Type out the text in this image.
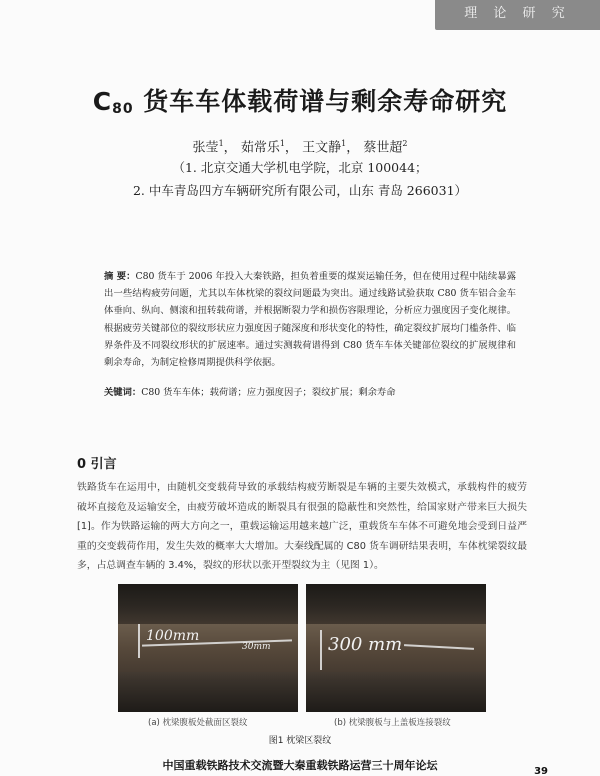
理 论 研 究
$C_{80}$ 货车车体载荷谱与剩余寿命研究
张莹$^1$， 茹常乐$^1$， 王文静$^1$， 蔡世超$^2$
（1. 北京交通大学机电学院，北京 100044；
2. 中车青岛四方车辆研究所有限公司，山东 青岛 266031）
摘 要：C80 货车于 2006 年投入大秦铁路，担负着重要的煤炭运输任务，但在使用过程中陆续暴露出一些结构疲劳问题，尤其以车体枕梁的裂纹问题最为突出。通过线路试验获取 C80 货车铝合金车体垂向、纵向、侧滚和扭转载荷谱，并根据断裂力学和损伤容限理论，分析应力强度因子变化规律。根据疲劳关键部位的裂纹形状应力强度因子随深度和形状变化的特性，确定裂纹扩展均门槛条件、临界条件及不同裂纹形状的扩展速率。通过实测载荷谱得到 C80 货车车体关键部位裂纹的扩展规律和剩余寿命，为制定检修周期提供科学依据。
关键词：C80 货车车体；载荷谱；应力强度因子；裂纹扩展；剩余寿命
0 引言
铁路货车在运用中，由随机交变载荷导致的承载结构疲劳断裂是车辆的主要失效模式，承载构件的疲劳破坏直接危及运输安全，由疲劳破坏造成的断裂具有很强的隐蔽性和突然性，给国家财产带来巨大损失 [1]。作为铁路运输的两大方向之一，重载运输运用越来越广泛，重载货车车体不可避免地会受到日益严重的交变载荷作用，发生失效的概率大大增加。大秦线配属的 C80 货车调研结果表明，车体枕梁裂纹最多，占总调查车辆的 3.4%，裂纹的形状以张开型裂纹为主（见图 1）。
100mm
30mm	300 mm
(a) 枕梁腹板处截面区裂纹	(b) 枕梁腹板与上盖板连接裂纹
图1 枕梁区裂纹
中国重载铁路技术交流暨大秦重载铁路运营三十周年论坛	39
